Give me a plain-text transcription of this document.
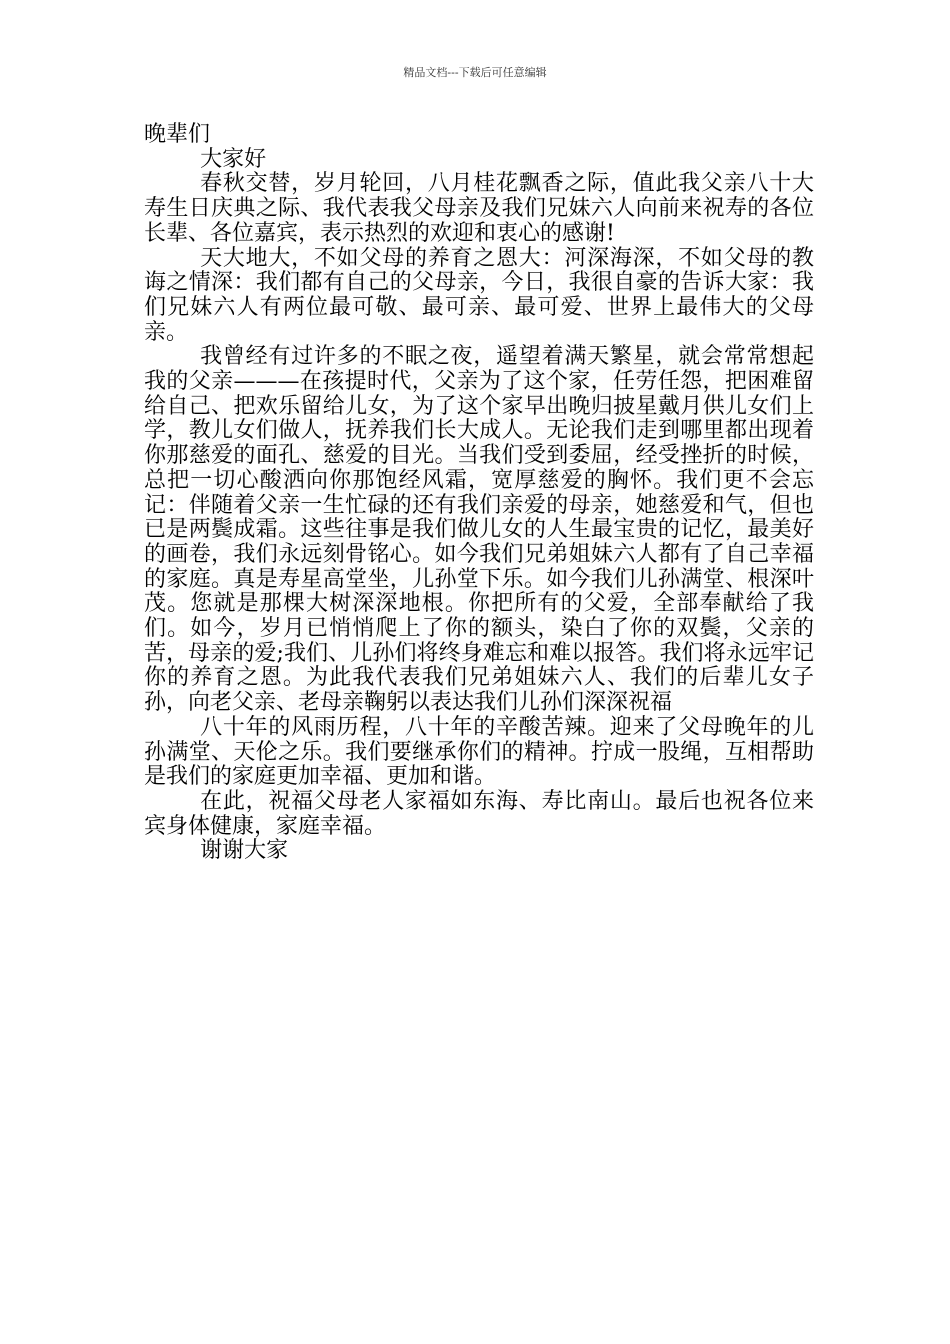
精品文档---下载后可任意编辑

晚辈们

大家好

春秋交替，岁月轮回，八月桂花飘香之际，值此我父亲八十大寿生日庆典之际、我代表我父母亲及我们兄妹六人向前来祝寿的各位长辈、各位嘉宾，表示热烈的欢迎和衷心的感谢!

天大地大，不如父母的养育之恩大：河深海深，不如父母的教诲之情深：我们都有自己的父母亲，今日，我很自豪的告诉大家：我们兄妹六人有两位最可敬、最可亲、最可爱、世界上最伟大的父母亲。

我曾经有过许多的不眠之夜，遥望着满天繁星，就会常常想起我的父亲———在孩提时代，父亲为了这个家，任劳任怨，把困难留给自己、把欢乐留给儿女，为了这个家早出晚归披星戴月供儿女们上学，教儿女们做人，抚养我们长大成人。无论我们走到哪里都出现着你那慈爱的面孔、慈爱的目光。当我们受到委屈，经受挫折的时候，总把一切心酸洒向你那饱经风霜，宽厚慈爱的胸怀。我们更不会忘记：伴随着父亲一生忙碌的还有我们亲爱的母亲，她慈爱和气，但也已是两鬓成霜。这些往事是我们做儿女的人生最宝贵的记忆，最美好的画卷，我们永远刻骨铭心。如今我们兄弟姐妹六人都有了自己幸福的家庭。真是寿星高堂坐，儿孙堂下乐。如今我们儿孙满堂、根深叶茂。您就是那棵大树深深地根。你把所有的父爱，全部奉献给了我们。如今，岁月已悄悄爬上了你的额头，染白了你的双鬓，父亲的苦，母亲的爱;我们、儿孙们将终身难忘和难以报答。我们将永远牢记你的养育之恩。为此我代表我们兄弟姐妹六人、我们的后辈儿女子孙，向老父亲、老母亲鞠躬以表达我们儿孙们深深祝福

八十年的风雨历程，八十年的辛酸苦辣。迎来了父母晚年的儿孙满堂、天伦之乐。我们要继承你们的精神。拧成一股绳，互相帮助是我们的家庭更加幸福、更加和谐。

在此，祝福父母老人家福如东海、寿比南山。最后也祝各位来宾身体健康，家庭幸福。

谢谢大家
